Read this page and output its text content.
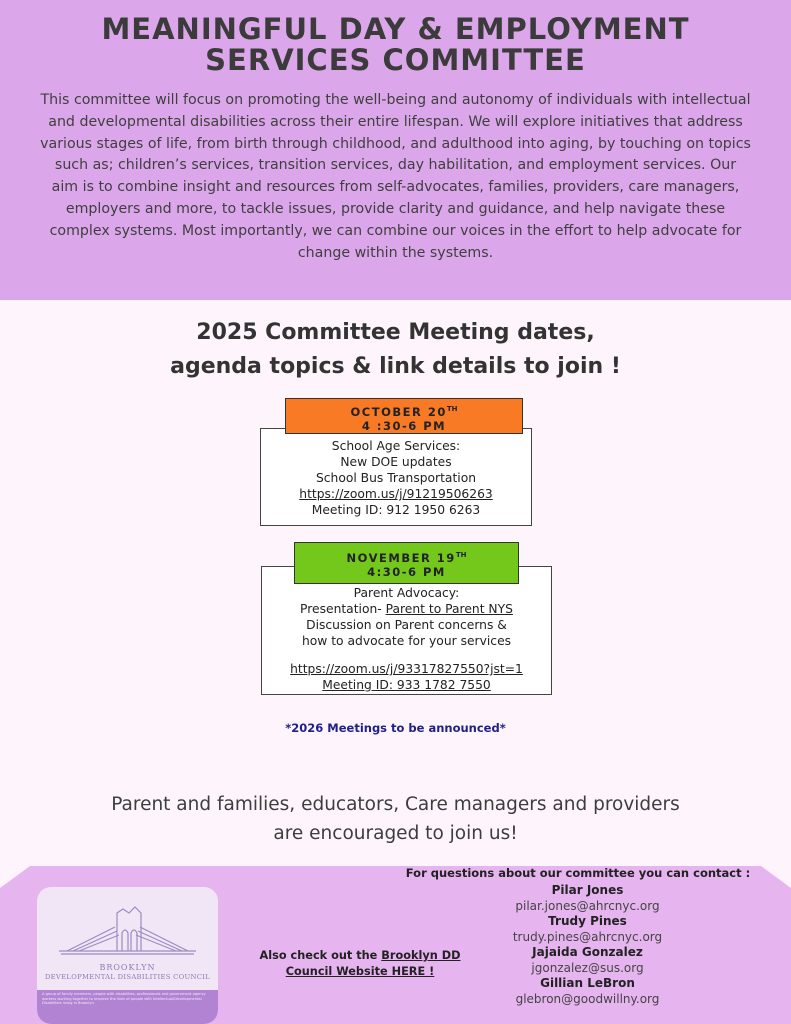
MEANINGFUL DAY & EMPLOYMENT
SERVICES COMMITTEE

This committee will focus on promoting the well-being and autonomy of individuals with intellectual and developmental disabilities across their entire lifespan. We will explore initiatives that address various stages of life, from birth through childhood, and adulthood into aging, by touching on topics such as; children’s services, transition services, day habilitation, and employment services. Our aim is to combine insight and resources from self-advocates, families, providers, care managers, employers and more, to tackle issues, provide clarity and guidance, and help navigate these complex systems. Most importantly, we can combine our voices in the effort to help advocate for change within the systems.

2025 Committee Meeting dates,
agenda topics & link details to join !
School Age Services:
New DOE updates
School Bus Transportation
https://zoom.us/j/91219506263
Meeting ID: 912 1950 6263
OCTOBER 20TH
4 :30-6 PM
Parent Advocacy:
Presentation- Parent to Parent NYS
Discussion on Parent concerns &
how to advocate for your services
https://zoom.us/j/93317827550?jst=1
Meeting ID: 933 1782 7550
NOVEMBER 19TH
4:30-6 PM
*2026 Meetings to be announced*
Parent and families, educators, Care managers and providers are encouraged to join us!
BROOKLYN
DEVELOPMENTAL DISABILITIES COUNCIL
A group of family members, people with disabilities, professionals and government agency workers working together to improve the lives of people with Intellectual/Developmental Disabilities living in Brooklyn.
Also check out the Brooklyn DD Council Website HERE !
For questions about our committee you can contact :
Pilar Jones
pilar.jones@ahrcnyc.org
Trudy Pines
trudy.pines@ahrcnyc.org
Jajaida Gonzalez
jgonzalez@sus.org
Gillian LeBron
glebron@goodwillny.org
